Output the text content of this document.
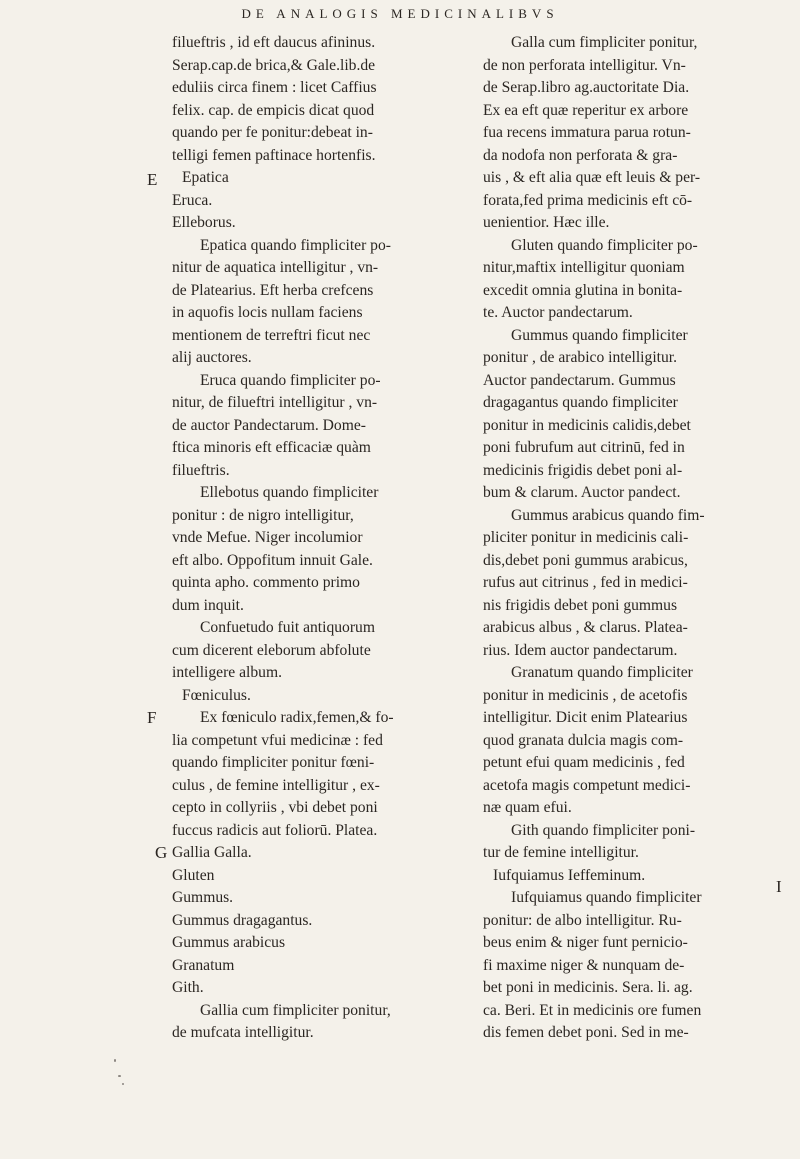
DE ANALOGIS MEDICINALIBVS
E
F
G
I
filueftris , id eft daucus afininus.
Serap.cap.de brica,& Gale.lib.de
eduliis circa finem : licet Caffius
felix. cap. de empicis dicat quod
quando per fe ponitur:debeat in-
telligi femen paftinace hortenfis.
Epatica
Eruca.
Elleborus.
Epatica quando fimpliciter po-
nitur de aquatica intelligitur , vn-
de Platearius. Eft herba crefcens
in aquofis locis nullam faciens
mentionem de terreftri ficut nec
alij auctores.
Eruca quando fimpliciter po-
nitur, de filueftri intelligitur , vn-
de auctor Pandectarum. Dome-
ftica minoris eft efficaciæ quàm
filueftris.
Ellebotus quando fimpliciter
ponitur : de nigro intelligitur,
vnde Mefue. Niger incolumior
eft albo. Oppofitum innuit Gale.
quinta apho. commento primo
dum inquit.
Confuetudo fuit antiquorum
cum dicerent eleborum abfolute
intelligere album.
Fœniculus.
Ex fœniculo radix,femen,& fo-
lia competunt vfui medicinæ : fed
quando fimpliciter ponitur fœni-
culus , de femine intelligitur , ex-
cepto in collyriis , vbi debet poni
fuccus radicis aut foliorū. Platea.
Gallia Galla.
Gluten
Gummus.
Gummus dragagantus.
Gummus arabicus
Granatum
Gith.
Gallia cum fimpliciter ponitur,
de mufcata intelligitur.
Galla cum fimpliciter ponitur,
de non perforata intelligitur. Vn-
de Serap.libro ag.auctoritate Dia.
Ex ea eft quæ reperitur ex arbore
fua recens immatura parua rotun-
da nodofa non perforata & gra-
uis , & eft alia quæ eft leuis & per-
forata,fed prima medicinis eft cō-
uenientior. Hæc ille.
Gluten quando fimpliciter po-
nitur,maftix intelligitur quoniam
excedit omnia glutina in bonita-
te. Auctor pandectarum.
Gummus quando fimpliciter
ponitur , de arabico intelligitur.
Auctor pandectarum. Gummus
dragagantus quando fimpliciter
ponitur in medicinis calidis,debet
poni fubrufum aut citrinū, fed in
medicinis frigidis debet poni al-
bum & clarum. Auctor pandect.
Gummus arabicus quando fim-
pliciter ponitur in medicinis cali-
dis,debet poni gummus arabicus,
rufus aut citrinus , fed in medici-
nis frigidis debet poni gummus
arabicus albus , & clarus. Platea-
rius. Idem auctor pandectarum.
Granatum quando fimpliciter
ponitur in medicinis , de acetofis
intelligitur. Dicit enim Platearius
quod granata dulcia magis com-
petunt efui quam medicinis , fed
acetofa magis competunt medici-
næ quam efui.
Gith quando fimpliciter poni-
tur de femine intelligitur.
Iufquiamus Ieffeminum.
Iufquiamus quando fimpliciter
ponitur: de albo intelligitur. Ru-
beus enim & niger funt pernicio-
fi maxime niger & nunquam de-
bet poni in medicinis. Sera. li. ag.
ca. Beri. Et in medicinis ore fumen
dis femen debet poni. Sed in me-
